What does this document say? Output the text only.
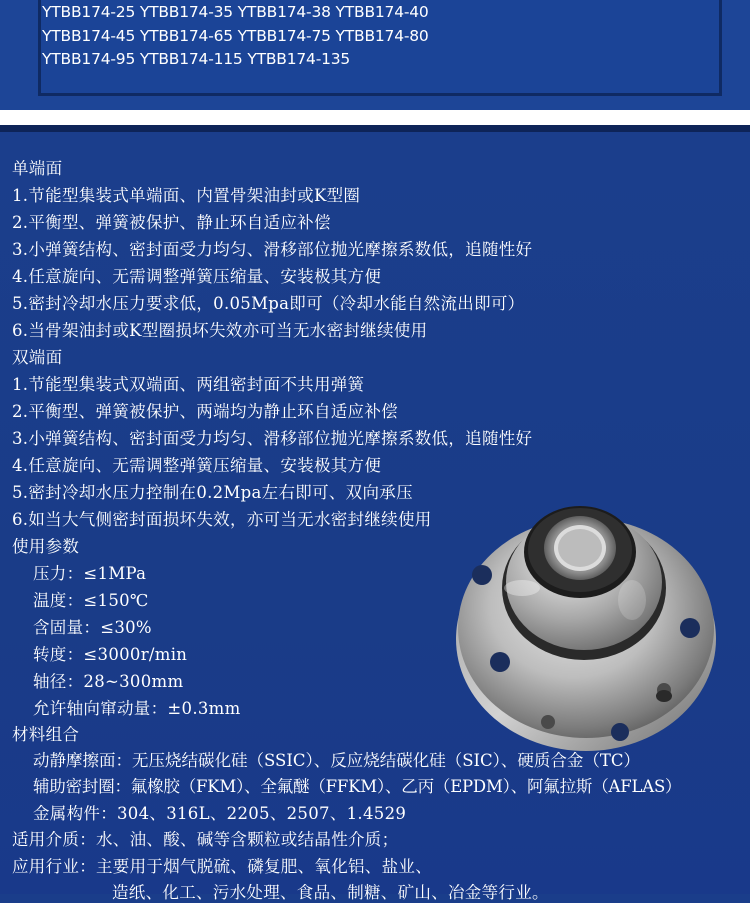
YTBB174-25 YTBB174-35 YTBB174-38 YTBB174-40
YTBB174-45 YTBB174-65 YTBB174-75 YTBB174-80
YTBB174-95 YTBB174-115 YTBB174-135
单端面
1.节能型集装式单端面、内置骨架油封或K型圈
2.平衡型、弹簧被保护、静止环自适应补偿
3.小弹簧结构、密封面受力均匀、滑移部位抛光摩擦系数低，追随性好
4.任意旋向、无需调整弹簧压缩量、安装极其方便
5.密封冷却水压力要求低，0.05Mpa即可（冷却水能自然流出即可）
6.当骨架油封或K型圈损坏失效亦可当无水密封继续使用
双端面
1.节能型集装式双端面、两组密封面不共用弹簧
2.平衡型、弹簧被保护、两端均为静止环自适应补偿
3.小弹簧结构、密封面受力均匀、滑移部位抛光摩擦系数低，追随性好
4.任意旋向、无需调整弹簧压缩量、安装极其方便
5.密封冷却水压力控制在0.2Mpa左右即可、双向承压
6.如当大气侧密封面损坏失效，亦可当无水密封继续使用
使用参数
压力：≤1MPa
温度：≤150℃
含固量：≤30%
转度：≤3000r/min
轴径：28~300mm
允许轴向窜动量：±0.3mm
材料组合
动静摩擦面：无压烧结碳化硅（SSIC）、反应烧结碳化硅（SIC）、硬质合金（TC）
辅助密封圈：氟橡胶（FKM）、全氟醚（FFKM）、乙丙（EPDM）、阿氟拉斯（AFLAS）
金属构件：304、316L、2205、2507、1.4529
适用介质：水、油、酸、碱等含颗粒或结晶性介质；
应用行业：主要用于烟气脱硫、磷复肥、氧化铝、盐业、
造纸、化工、污水处理、食品、制糖、矿山、冶金等行业。
